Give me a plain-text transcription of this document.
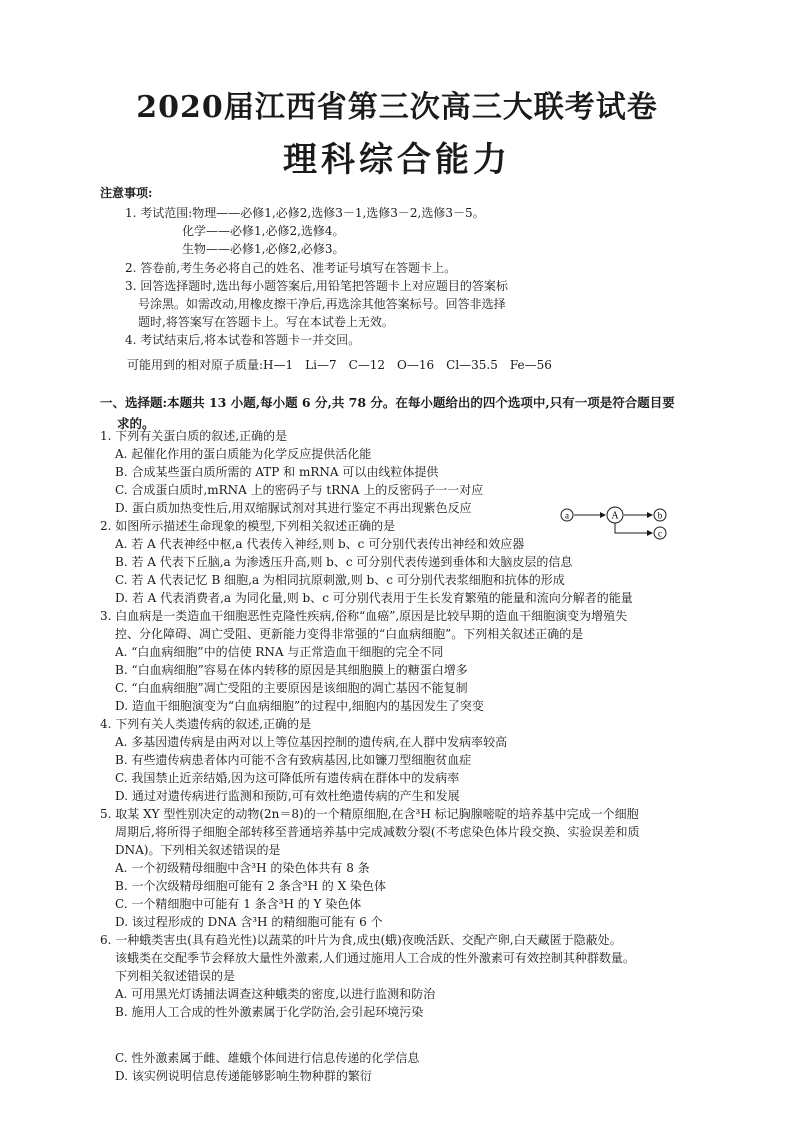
2020届江西省第三次高三大联考试卷
理科综合能力
注意事项:
1. 考试范围:物理——必修1,必修2,选修3－1,选修3－2,选修3－5。
化学——必修1,必修2,选修4。
生物——必修1,必修2,必修3。
2. 答卷前,考生务必将自己的姓名、准考证号填写在答题卡上。
3. 回答选择题时,选出每小题答案后,用铅笔把答题卡上对应题目的答案标
号涂黑。如需改动,用橡皮擦干净后,再选涂其他答案标号。回答非选择
题时,将答案写在答题卡上。写在本试卷上无效。
4. 考试结束后,将本试卷和答题卡一并交回。
可能用到的相对原子质量:H—1　Li—7　C—12　O—16　Cl—35.5　Fe—56
一、选择题:本题共 13 小题,每小题 6 分,共 78 分。在每小题给出的四个选项中,只有一项是符合题目要
求的。
1. 下列有关蛋白质的叙述,正确的是
A. 起催化作用的蛋白质能为化学反应提供活化能
B. 合成某些蛋白质所需的 ATP 和 mRNA 可以由线粒体提供
C. 合成蛋白质时,mRNA 上的密码子与 tRNA 上的反密码子一一对应
D. 蛋白质加热变性后,用双缩脲试剂对其进行鉴定不再出现紫色反应
2. 如图所示描述生命现象的模型,下列相关叙述正确的是
A. 若 A 代表神经中枢,a 代表传入神经,则 b、c 可分别代表传出神经和效应器
B. 若 A 代表下丘脑,a 为渗透压升高,则 b、c 可分别代表传递到垂体和大脑皮层的信息
C. 若 A 代表记忆 B 细胞,a 为相同抗原刺激,则 b、c 可分别代表浆细胞和抗体的形成
D. 若 A 代表消费者,a 为同化量,则 b、c 可分别代表用于生长发育繁殖的能量和流向分解者的能量
a	A	b
c
3. 白血病是一类造血干细胞恶性克隆性疾病,俗称“血癌”,原因是比较早期的造血干细胞演变为增殖失
控、分化障碍、凋亡受阻、更新能力变得非常强的“白血病细胞”。下列相关叙述正确的是
A. “白血病细胞”中的信使 RNA 与正常造血干细胞的完全不同
B. “白血病细胞”容易在体内转移的原因是其细胞膜上的糖蛋白增多
C. “白血病细胞”凋亡受阻的主要原因是该细胞的凋亡基因不能复制
D. 造血干细胞演变为“白血病细胞”的过程中,细胞内的基因发生了突变
4. 下列有关人类遗传病的叙述,正确的是
A. 多基因遗传病是由两对以上等位基因控制的遗传病,在人群中发病率较高
B. 有些遗传病患者体内可能不含有致病基因,比如镰刀型细胞贫血症
C. 我国禁止近亲结婚,因为这可降低所有遗传病在群体中的发病率
D. 通过对遗传病进行监测和预防,可有效杜绝遗传病的产生和发展
5. 取某 XY 型性别决定的动物(2n＝8)的一个精原细胞,在含³H 标记胸腺嘧啶的培养基中完成一个细胞
周期后,将所得子细胞全部转移至普通培养基中完成减数分裂(不考虑染色体片段交换、实验误差和质
DNA)。下列相关叙述错误的是
A. 一个初级精母细胞中含³H 的染色体共有 8 条
B. 一个次级精母细胞可能有 2 条含³H 的 X 染色体
C. 一个精细胞中可能有 1 条含³H 的 Y 染色体
D. 该过程形成的 DNA 含³H 的精细胞可能有 6 个
6. 一种蛾类害虫(具有趋光性)以蔬菜的叶片为食,成虫(蛾)夜晚活跃、交配产卵,白天藏匿于隐蔽处。
该蛾类在交配季节会释放大量性外激素,人们通过施用人工合成的性外激素可有效控制其种群数量。
下列相关叙述错误的是
A. 可用黑光灯诱捕法调查这种蛾类的密度,以进行监测和防治
B. 施用人工合成的性外激素属于化学防治,会引起环境污染
C. 性外激素属于雌、雄蛾个体间进行信息传递的化学信息
D. 该实例说明信息传递能够影响生物种群的繁衍
